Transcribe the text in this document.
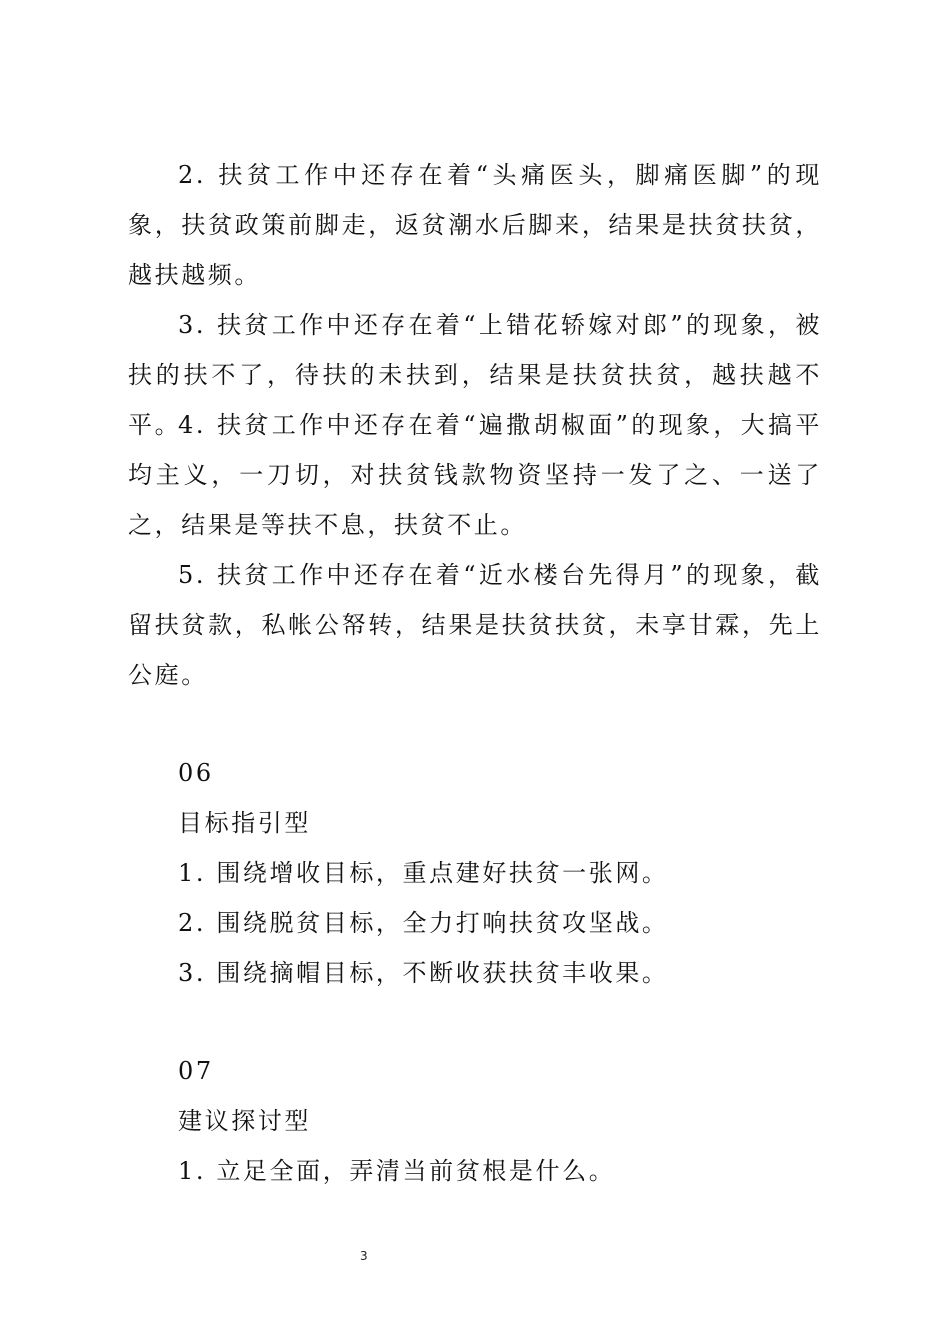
2. 扶贫工作中还存在着“头痛医头，脚痛医脚”的现象，扶贫政策前脚走，返贫潮水后脚来，结果是扶贫扶贫，越扶越频。

3. 扶贫工作中还存在着“上错花轿嫁对郎”的现象，被扶的扶不了，待扶的未扶到，结果是扶贫扶贫，越扶越不平。

4. 扶贫工作中还存在着“遍撒胡椒面”的现象，大搞平均主义，一刀切，对扶贫钱款物资坚持一发了之、一送了之，结果是等扶不息，扶贫不止。

5. 扶贫工作中还存在着“近水楼台先得月”的现象，截留扶贫款，私帐公帑转，结果是扶贫扶贫，未享甘霖，先上公庭。

06

目标指引型

1. 围绕增收目标，重点建好扶贫一张网。

2. 围绕脱贫目标，全力打响扶贫攻坚战。

3. 围绕摘帽目标，不断收获扶贫丰收果。

07

建议探讨型

1. 立足全面，弄清当前贫根是什么。

3
